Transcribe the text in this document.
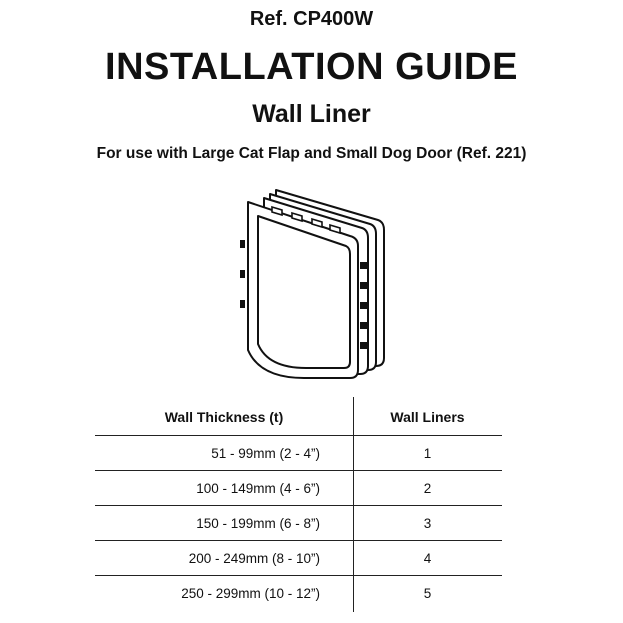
Ref. CP400W
INSTALLATION GUIDE
Wall Liner
For use with Large Cat Flap and Small Dog Door (Ref. 221)
Wall Thickness (t)	Wall Liners
51 - 99mm (2 - 4”)	1
100 - 149mm (4 - 6”)	2
150 - 199mm (6 - 8”)	3
200 - 249mm (8 - 10”)	4
250 - 299mm (10 - 12”)	5
